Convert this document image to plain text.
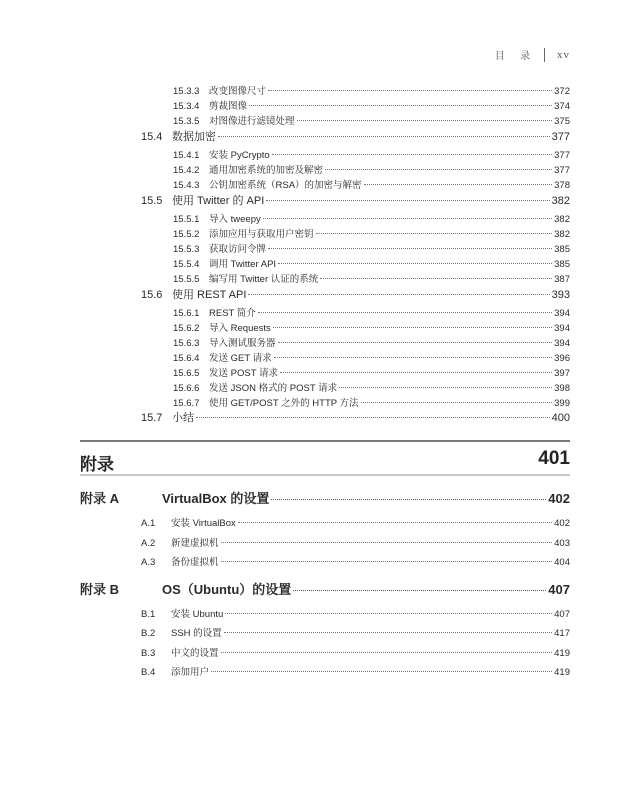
目 录 xv
15.3.3	改变图像尺寸	372
15.3.4	剪裁图像	374
15.3.5	对图像进行滤镜处理	375
15.4 数据加密	377
15.4.1	安装 PyCrypto	377
15.4.2	通用加密系统的加密及解密	377
15.4.3	公钥加密系统（RSA）的加密与解密	378
15.5 使用 Twitter 的 API	382
15.5.1	导入 tweepy	382
15.5.2	添加应用与获取用户密钥	382
15.5.3	获取访问令牌	385
15.5.4	调用 Twitter API	385
15.5.5	编写用 Twitter 认证的系统	387
15.6 使用 REST API	393
15.6.1	REST 简介	394
15.6.2	导入 Requests	394
15.6.3	导入测试服务器	394
15.6.4	发送 GET 请求	396
15.6.5	发送 POST 请求	397
15.6.6	发送 JSON 格式的 POST 请求	398
15.6.7	使用 GET/POST 之外的 HTTP 方法	399
15.7 小结	400
附录	401
附录 A	VirtualBox 的设置	402
A.1	安装 VirtualBox	402
A.2	新建虚拟机	403
A.3	备份虚拟机	404
附录 B	OS（Ubuntu）的设置	407
B.1	安装 Ubuntu	407
B.2	SSH 的设置	417
B.3	中文的设置	419
B.4	添加用户	419
